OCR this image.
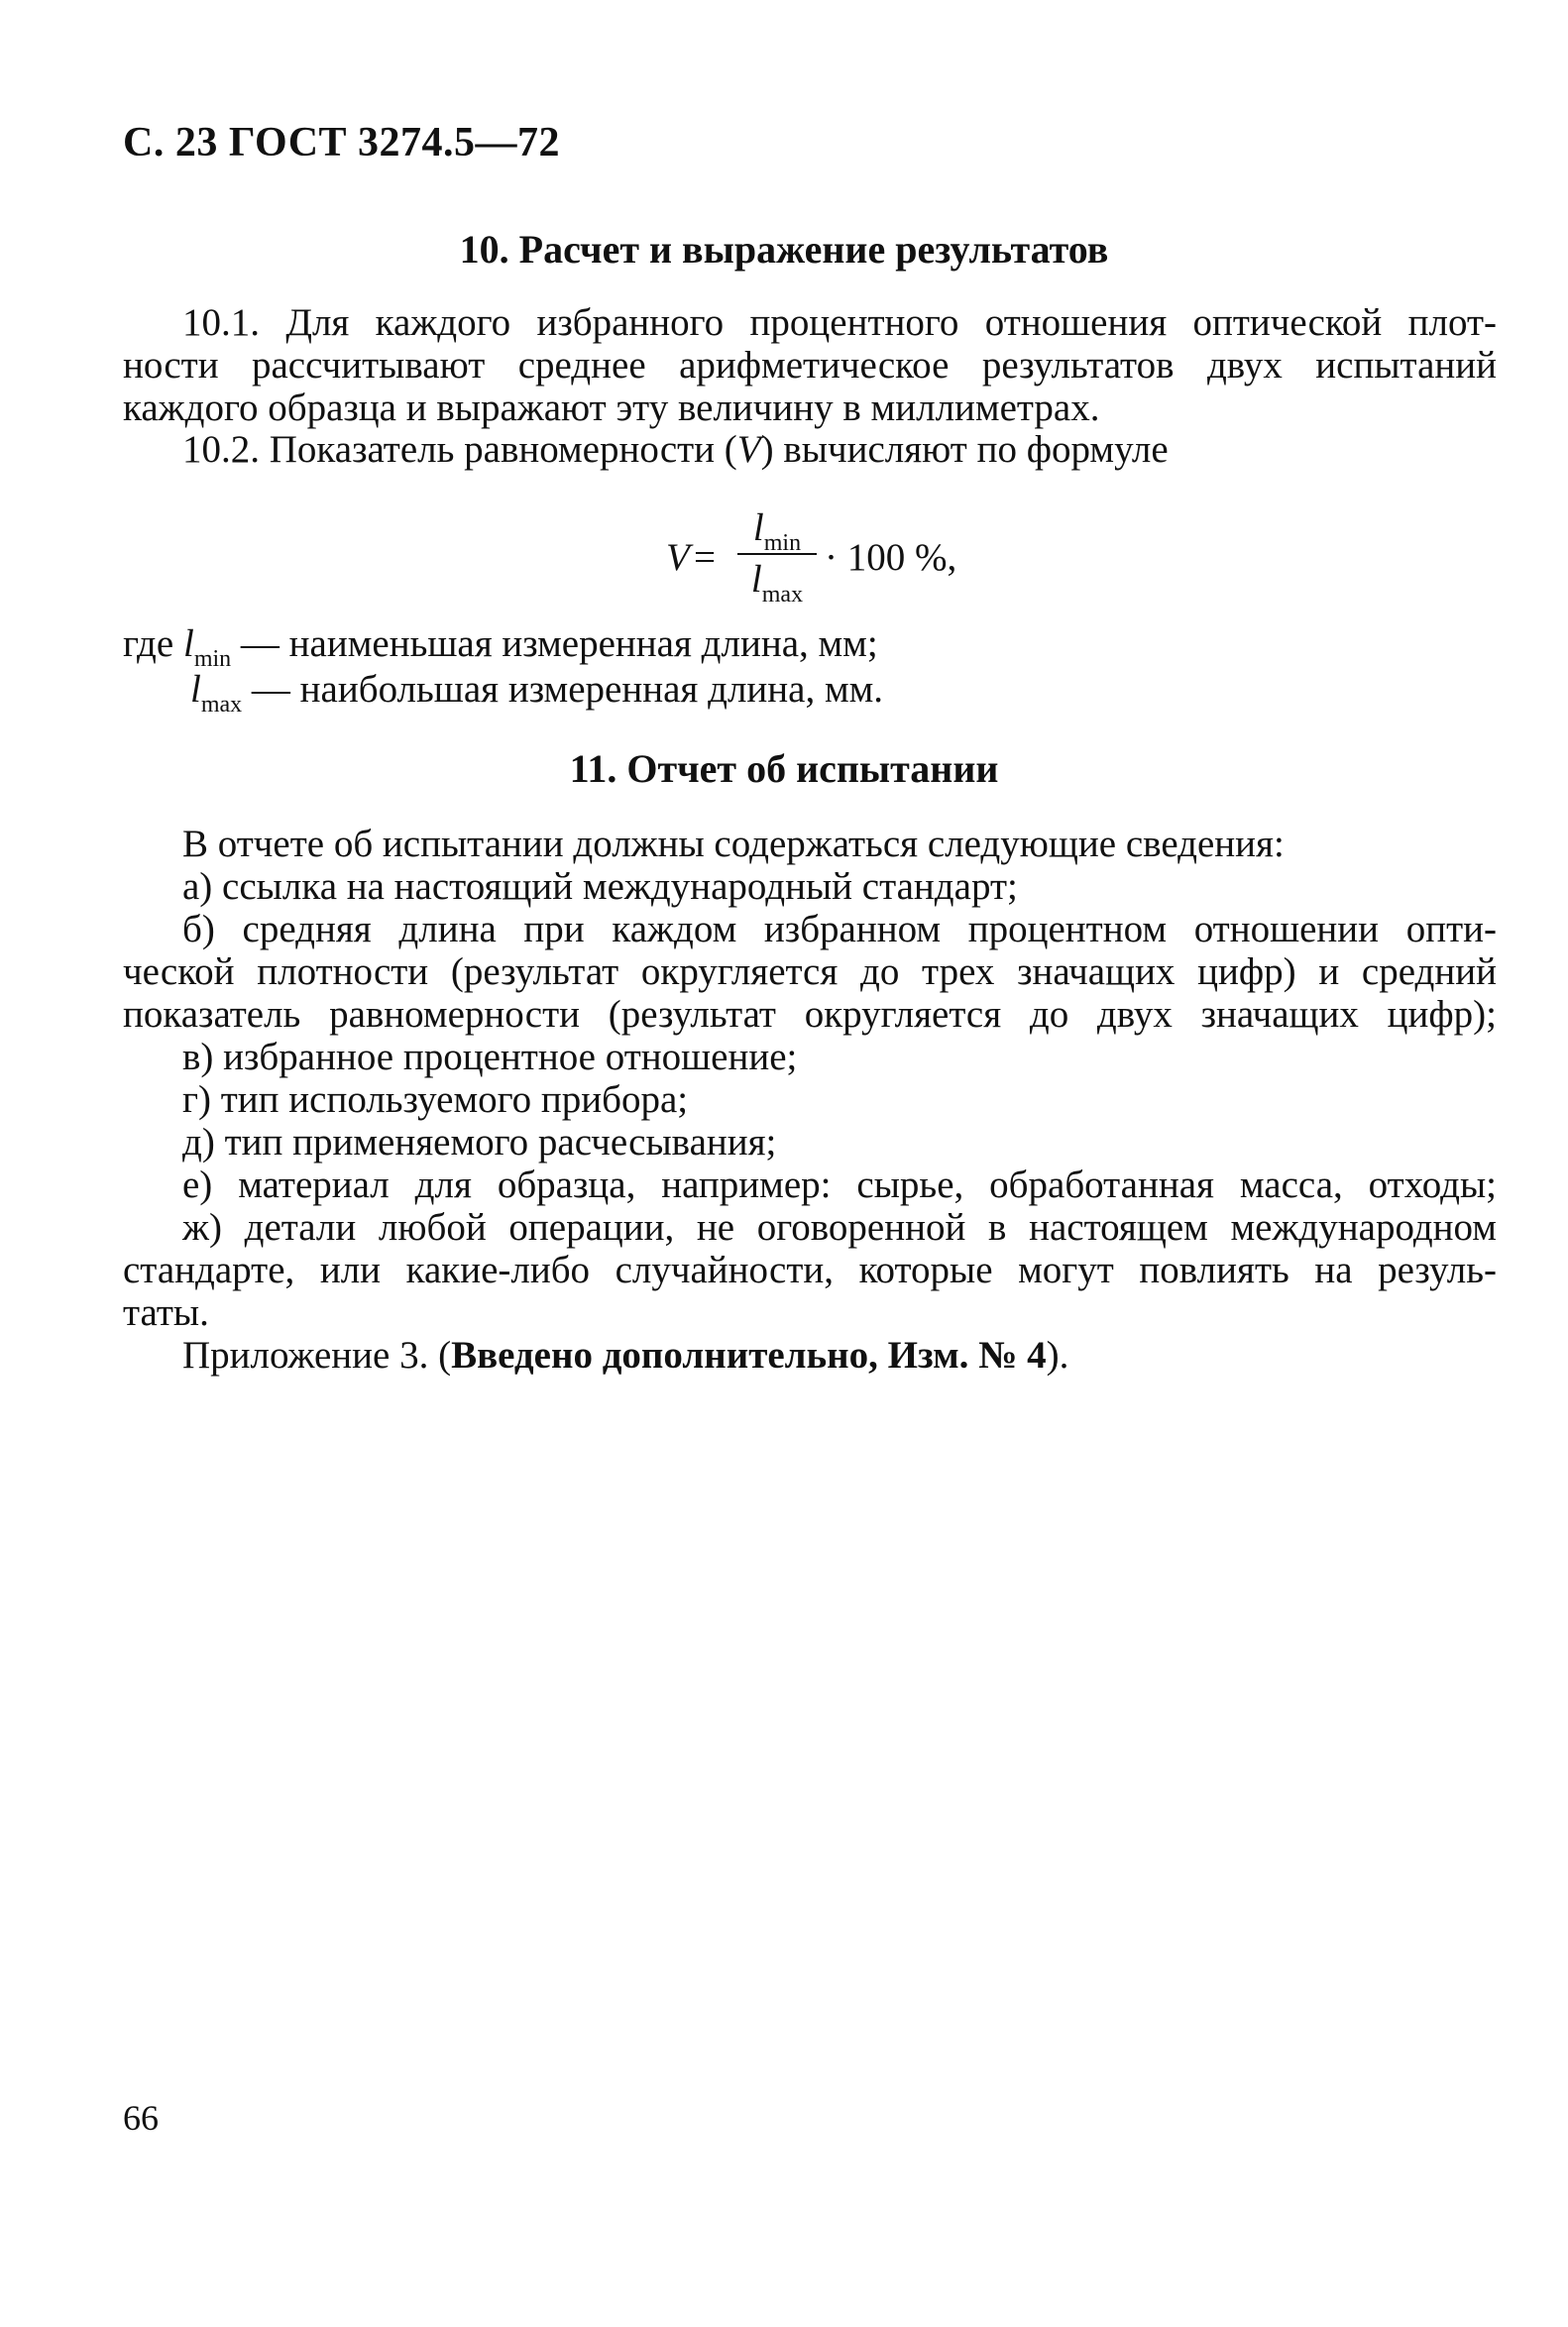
С. 23 ГОСТ 3274.5—72
10. Расчет и выражение результатов
10.1. Для каждого избранного процентного отношения оптической плот-
ности рассчитывают среднее арифметическое результатов двух испытаний
каждого образца и выражают эту величину в миллиметрах.
10.2. Показатель равномерности (V) вычисляют по формуле
V =
$l_{min}$
$l_{max}$
· 100 %,
где $l_{min}$ — наименьшая измеренная длина, мм;
$l_{max}$ — наибольшая измеренная длина, мм.
11. Отчет об испытании
В отчете об испытании должны содержаться следующие сведения:
а) ссылка на настоящий международный стандарт;
б) средняя длина при каждом избранном процентном отношении опти-
ческой плотности (результат округляется до трех значащих цифр) и средний
показатель равномерности (результат округляется до двух значащих цифр);
в) избранное процентное отношение;
г) тип используемого прибора;
д) тип применяемого расчесывания;
е) материал для образца, например: сырье, обработанная масса, отходы;
ж) детали любой операции, не оговоренной в настоящем международном
стандарте, или какие-либо случайности, которые могут повлиять на резуль-
таты.
Приложение 3. (Введено дополнительно, Изм. № 4).
66
